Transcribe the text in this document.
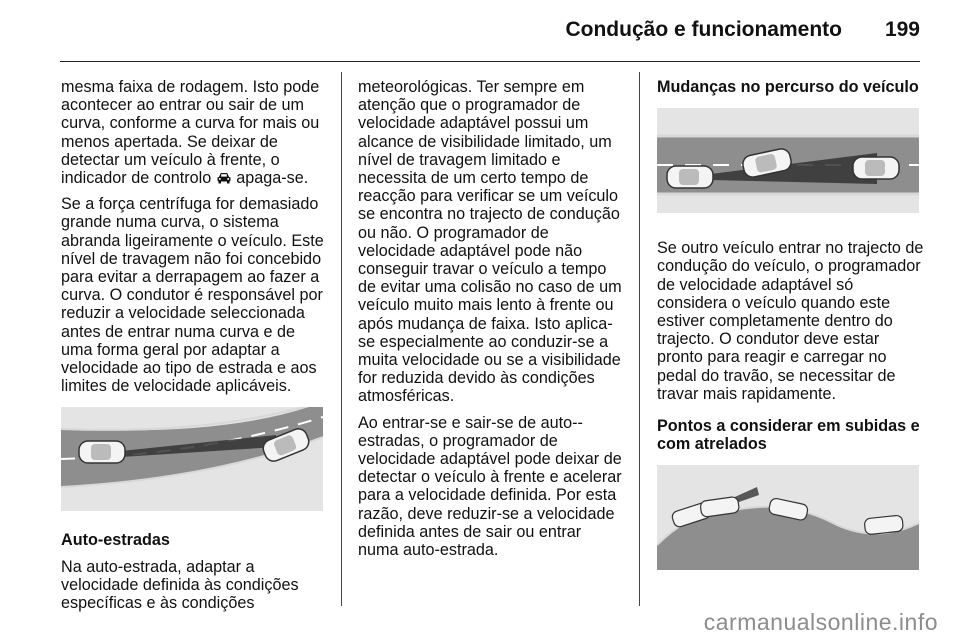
Condução e funcionamento 199

mesma faixa de rodagem. Isto pode acontecer ao entrar ou sair de um curva, conforme a curva for mais ou menos apertada. Se deixar de detectar um veículo à frente, o indicador de controlo  apaga-se.

Se a força centrífuga for demasiado grande numa curva, o sistema abranda ligeiramente o veículo. Este nível de travagem não foi concebido para evitar a derrapagem ao fazer a curva. O condutor é responsável por reduzir a velocidade seleccionada antes de entrar numa curva e de uma forma geral por adaptar a velocidade ao tipo de estrada e aos limites de velocidade aplicáveis.

Auto-estradas

Na auto-estrada, adaptar a velocidade definida às condições específicas e às condições

meteorológicas. Ter sempre em atenção que o programador de velocidade adaptável possui um alcance de visibilidade limitado, um nível de travagem limitado e necessita de um certo tempo de reacção para verificar se um veículo se encontra no trajecto de condução ou não. O programador de velocidade adaptável pode não conseguir travar o veículo a tempo de evitar uma colisão no caso de um veículo muito mais lento à frente ou após mudança de faixa. Isto aplica-se especialmente ao conduzir-se a muita velocidade ou se a visibilidade for reduzida devido às condições atmosféricas.

Ao entrar-se e sair-se de auto--estradas, o programador de velocidade adaptável pode deixar de detectar o veículo à frente e acelerar para a velocidade definida. Por esta razão, deve reduzir-se a velocidade definida antes de sair ou entrar numa auto-estrada.

Mudanças no percurso do veículo

Se outro veículo entrar no trajecto de condução do veículo, o programador de velocidade adaptável só considera o veículo quando este estiver completamente dentro do trajecto. O condutor deve estar pronto para reagir e carregar no pedal do travão, se necessitar de travar mais rapidamente.

Pontos a considerar em subidas e com atrelados

carmanualsonline.info
